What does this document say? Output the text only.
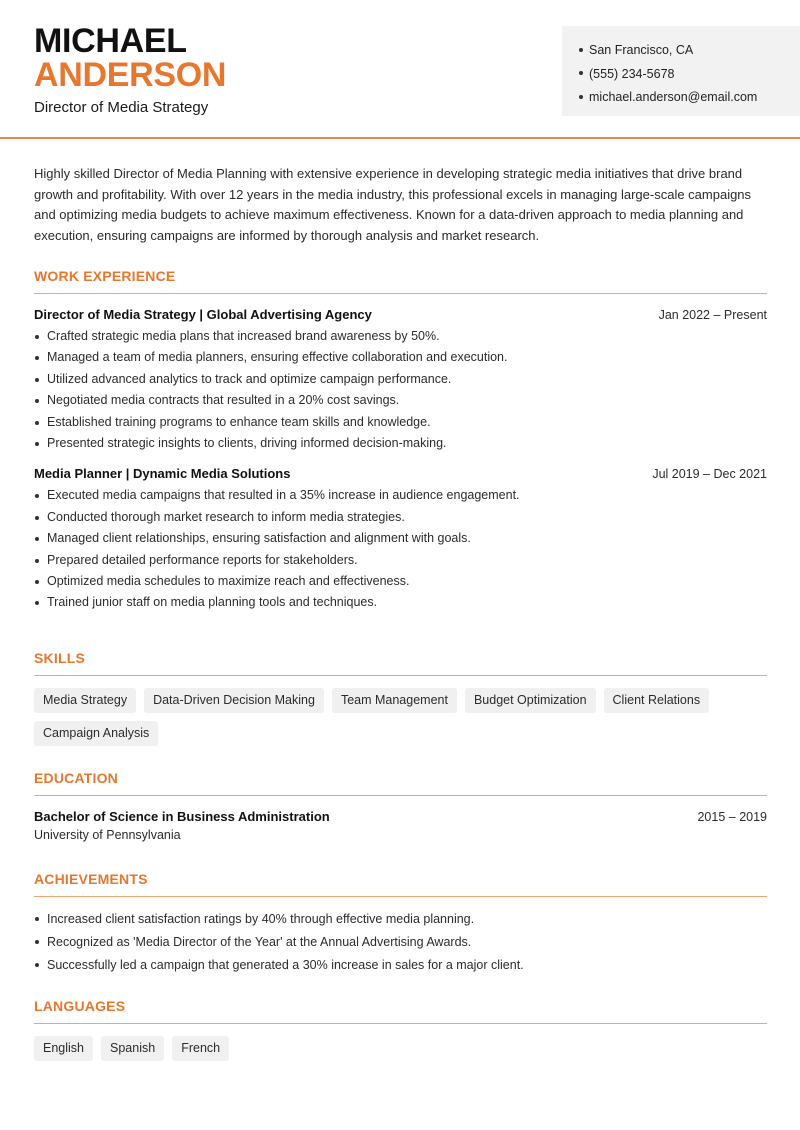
MICHAEL
ANDERSON
Director of Media Strategy
San Francisco, CA
(555) 234-5678
michael.anderson@email.com

Highly skilled Director of Media Planning with extensive experience in developing strategic media initiatives that drive brand growth and profitability. With over 12 years in the media industry, this professional excels in managing large-scale campaigns and optimizing media budgets to achieve maximum effectiveness. Known for a data-driven approach to media planning and execution, ensuring campaigns are informed by thorough analysis and market research.

WORK EXPERIENCE
Director of Media Strategy | Global Advertising Agency	Jan 2022 – Present
Crafted strategic media plans that increased brand awareness by 50%.
Managed a team of media planners, ensuring effective collaboration and execution.
Utilized advanced analytics to track and optimize campaign performance.
Negotiated media contracts that resulted in a 20% cost savings.
Established training programs to enhance team skills and knowledge.
Presented strategic insights to clients, driving informed decision-making.
Media Planner | Dynamic Media Solutions	Jul 2019 – Dec 2021
Executed media campaigns that resulted in a 35% increase in audience engagement.
Conducted thorough market research to inform media strategies.
Managed client relationships, ensuring satisfaction and alignment with goals.
Prepared detailed performance reports for stakeholders.
Optimized media schedules to maximize reach and effectiveness.
Trained junior staff on media planning tools and techniques.
SKILLS
Media Strategy	Data-Driven Decision Making	Team Management	Budget Optimization	Client Relations
Campaign Analysis
EDUCATION
Bachelor of Science in Business Administration	2015 – 2019
University of Pennsylvania
ACHIEVEMENTS
Increased client satisfaction ratings by 40% through effective media planning.
Recognized as 'Media Director of the Year' at the Annual Advertising Awards.
Successfully led a campaign that generated a 30% increase in sales for a major client.
LANGUAGES
English	Spanish	French
